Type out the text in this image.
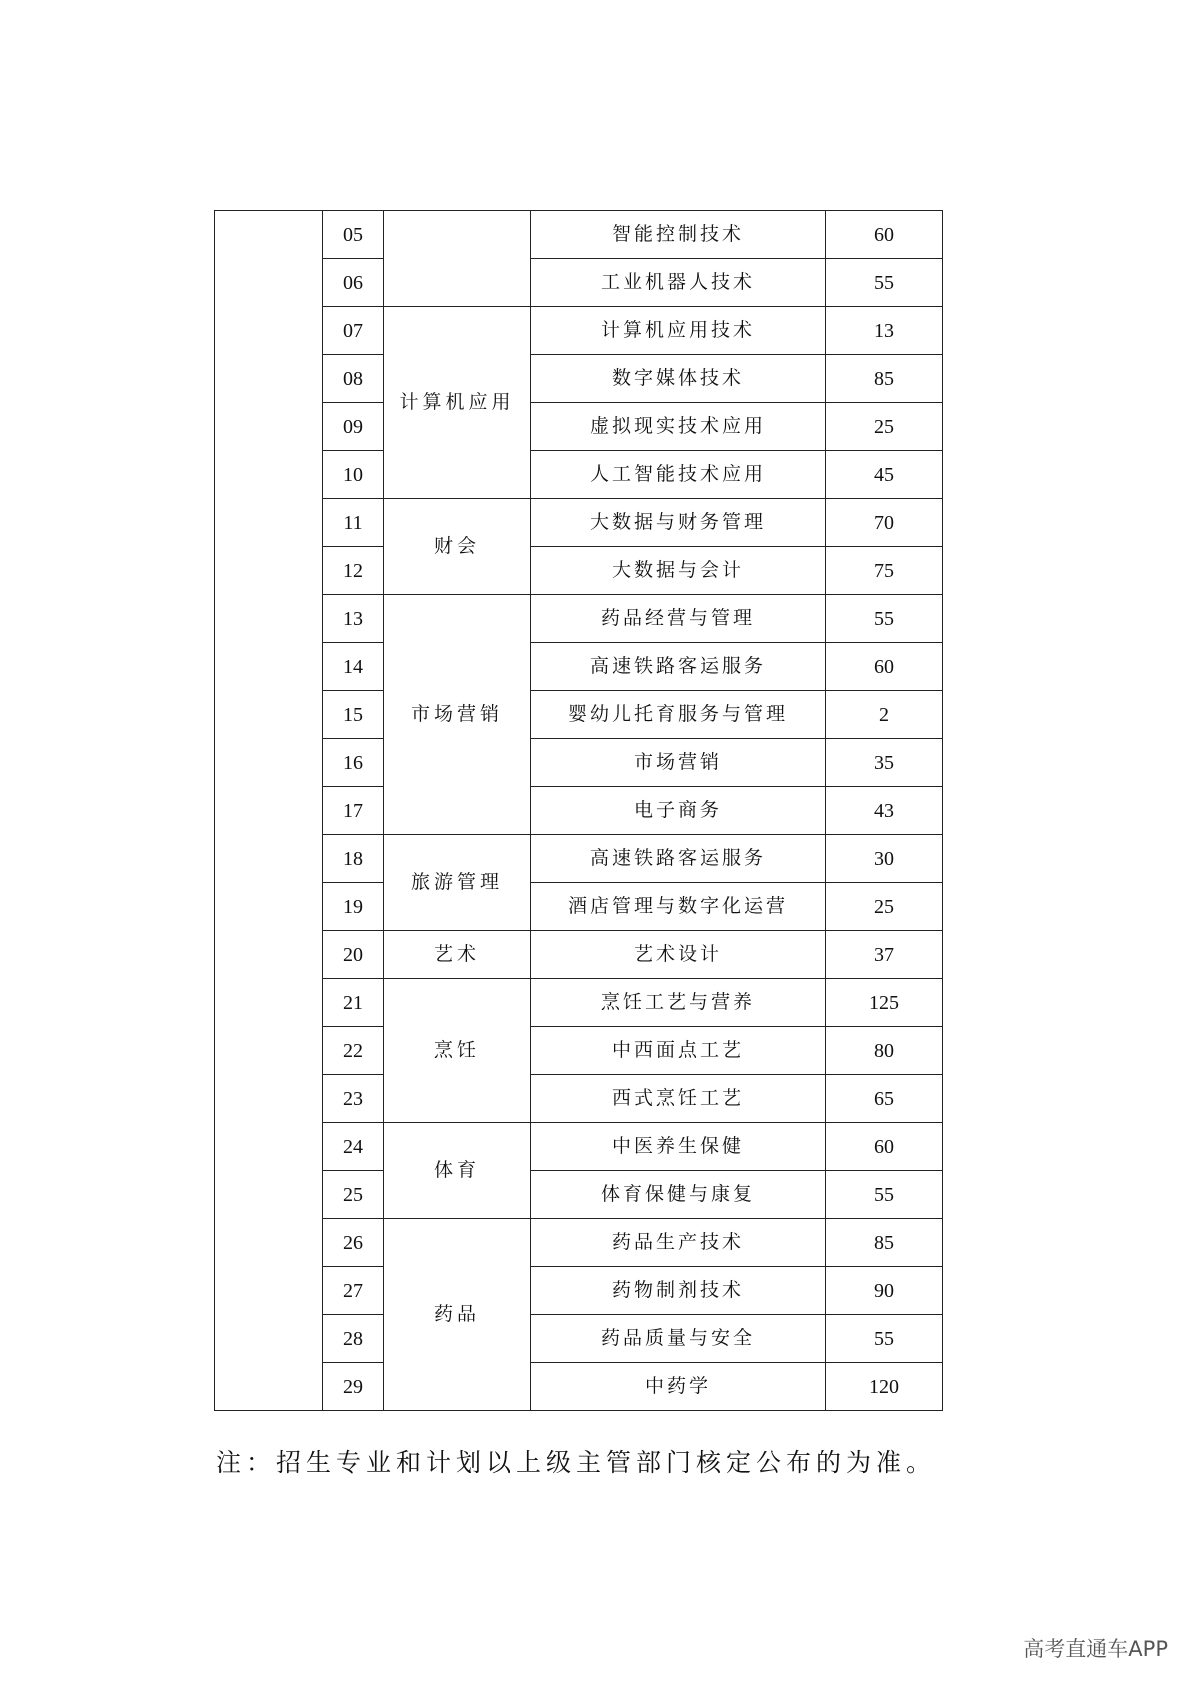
	05		智能控制技术	60
	06		工业机器人技术	55
	07	计算机应用	计算机应用技术	13
	08		数字媒体技术	85
	09		虚拟现实技术应用	25
	10		人工智能技术应用	45
	11	财会	大数据与财务管理	70
	12		大数据与会计	75
	13	市场营销	药品经营与管理	55
	14		高速铁路客运服务	60
	15		婴幼儿托育服务与管理	2
	16		市场营销	35
	17		电子商务	43
	18	旅游管理	高速铁路客运服务	30
	19		酒店管理与数字化运营	25
	20	艺术	艺术设计	37
	21	烹饪	烹饪工艺与营养	125
	22		中西面点工艺	80
	23		西式烹饪工艺	65
	24	体育	中医养生保健	60
	25		体育保健与康复	55
	26	药品	药品生产技术	85
	27		药物制剂技术	90
	28		药品质量与安全	55
	29		中药学	120
注：招生专业和计划以上级主管部门核定公布的为准。
高考直通车APP
